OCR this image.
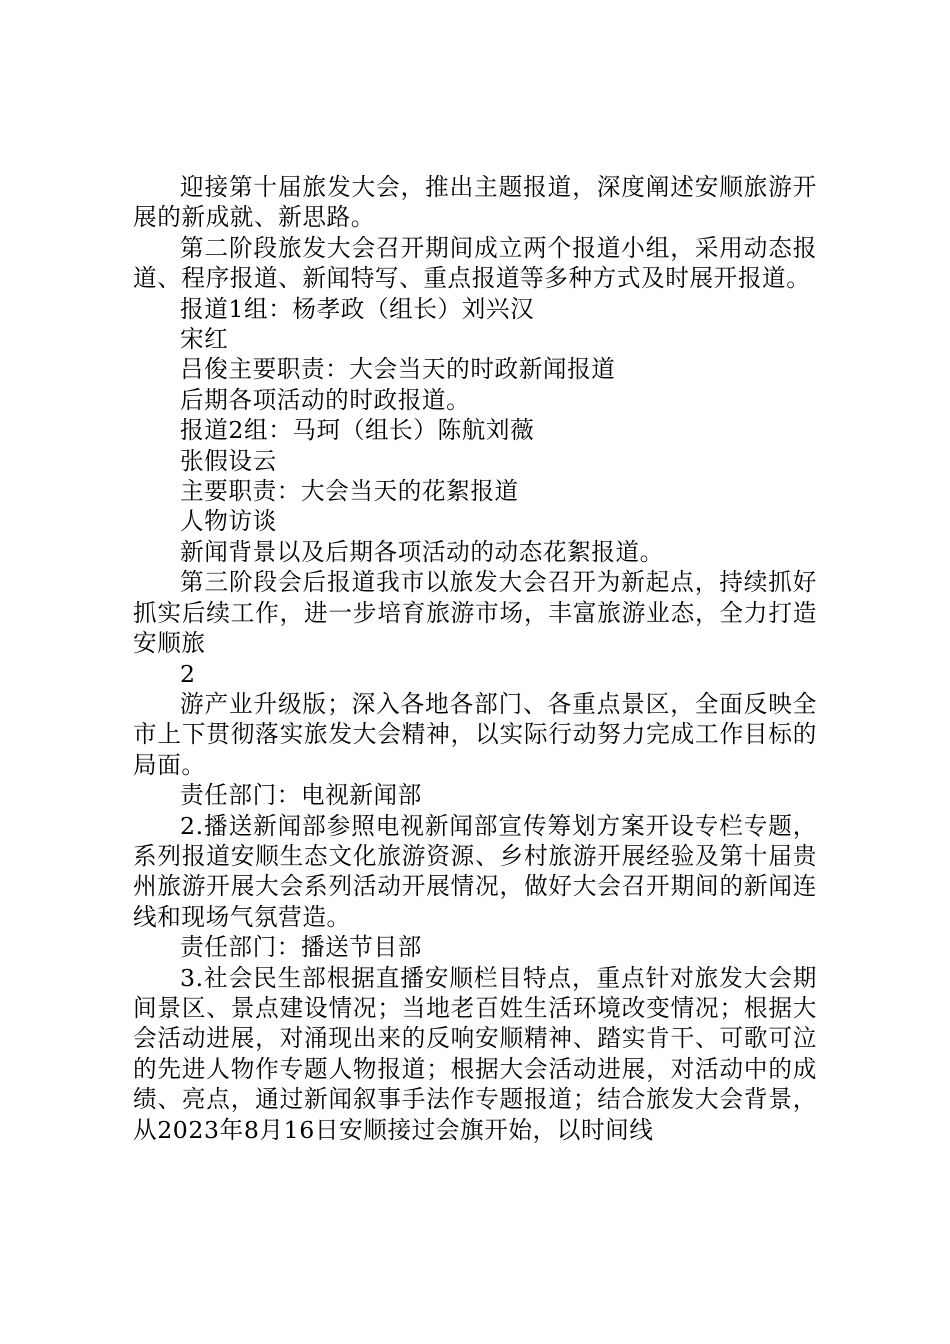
迎接第十届旅发大会，推出主题报道，深度阐述安顺旅游开展的新成就、新思路。

第二阶段旅发大会召开期间成立两个报道小组，采用动态报道、程序报道、新闻特写、重点报道等多种方式及时展开报道。

报道1组：杨孝政（组长）刘兴汉

宋红

吕俊主要职责：大会当天的时政新闻报道

后期各项活动的时政报道。

报道2组：马珂（组长）陈航刘薇

张假设云

主要职责：大会当天的花絮报道

人物访谈

新闻背景以及后期各项活动的动态花絮报道。

第三阶段会后报道我市以旅发大会召开为新起点，持续抓好抓实后续工作，进一步培育旅游市场，丰富旅游业态，全力打造安顺旅

2

游产业升级版；深入各地各部门、各重点景区，全面反映全市上下贯彻落实旅发大会精神，以实际行动努力完成工作目标的局面。

责任部门：电视新闻部

2.播送新闻部参照电视新闻部宣传筹划方案开设专栏专题，系列报道安顺生态文化旅游资源、乡村旅游开展经验及第十届贵州旅游开展大会系列活动开展情况，做好大会召开期间的新闻连线和现场气氛营造。

责任部门：播送节目部

3.社会民生部根据直播安顺栏目特点，重点针对旅发大会期间景区、景点建设情况；当地老百姓生活环境改变情况；根据大会活动进展，对涌现出来的反响安顺精神、踏实肯干、可歌可泣的先进人物作专题人物报道；根据大会活动进展，对活动中的成绩、亮点，通过新闻叙事手法作专题报道；结合旅发大会背景，从2023年8月16日安顺接过会旗开始，以时间线
